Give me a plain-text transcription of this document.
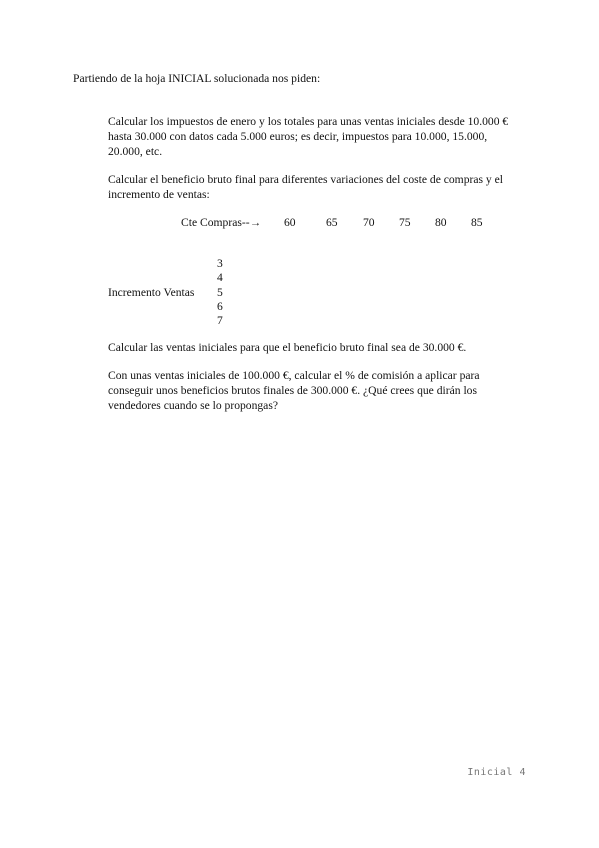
Partiendo de la hoja INICIAL solucionada nos piden:

Calcular los impuestos de enero y los totales para unas ventas iniciales desde 10.000 €
hasta 30.000 con datos cada 5.000 euros; es decir, impuestos para 10.000, 15.000,
20.000, etc.

Calcular el beneficio bruto final para diferentes variaciones del coste de compras y el
incremento de ventas:

Cte Compras--→ 60	65 70 75 80 85
Incremento Ventas
3
4
5
6
7

Calcular las ventas iniciales para que el beneficio bruto final sea de 30.000 €.

Con unas ventas iniciales de 100.000 €, calcular el % de comisión a aplicar para
conseguir unos beneficios brutos finales de 300.000 €. ¿Qué crees que dirán los
vendedores cuando se lo propongas?

Inicial 4
